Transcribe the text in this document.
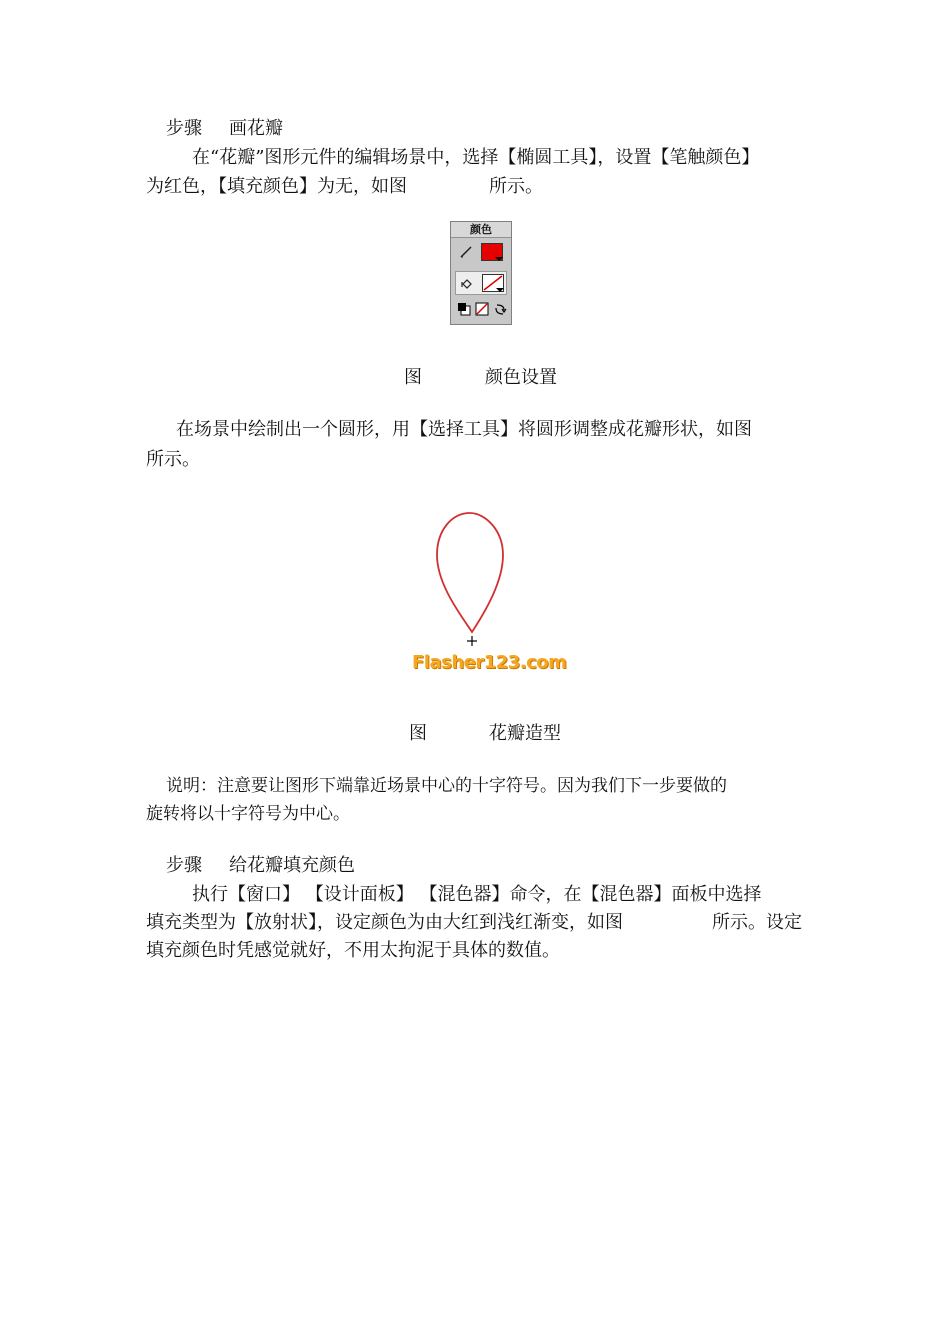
步骤 画花瓣
在“花瓣”图形元件的编辑场景中，选择【椭圆工具】，设置【笔触颜色】
为红色，【填充颜色】为无，如图	所示。
颜色
图	颜色设置
在场景中绘制出一个圆形，用【选择工具】将圆形调整成花瓣形状，如图
所示。
Flasher123.com
图	花瓣造型
说明：注意要让图形下端靠近场景中心的十字符号。因为我们下一步要做的
旋转将以十字符号为中心。
步骤 给花瓣填充颜色
执行【窗口】 【设计面板】 【混色器】命令，在【混色器】面板中选择
填充类型为【放射状】，设定颜色为由大红到浅红渐变，如图	所示。设定
填充颜色时凭感觉就好，不用太拘泥于具体的数值。
